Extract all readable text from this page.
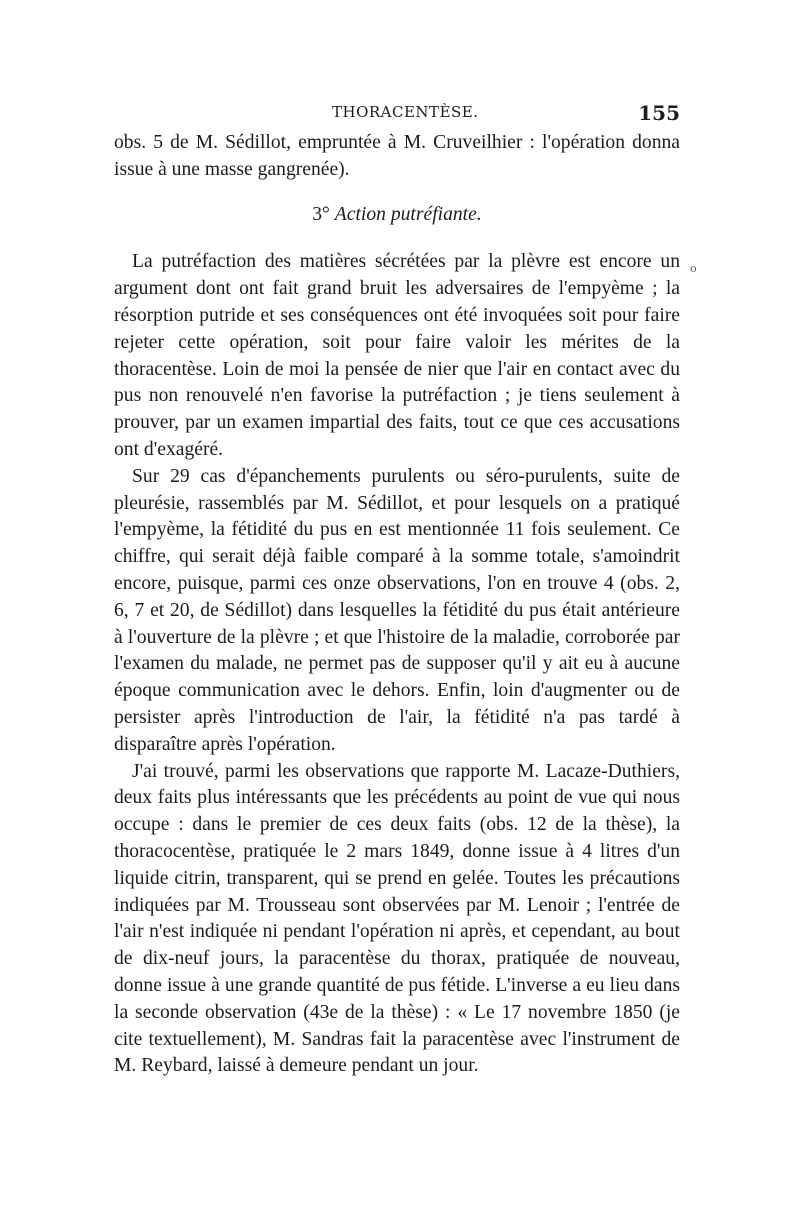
THORACENTÈSE.	155
o

obs. 5 de M. Sédillot, empruntée à M. Cruveilhier : l'opération donna issue à une masse gangrenée).

3° Action putréfiante.

La putréfaction des matières sécrétées par la plèvre est encore un argument dont ont fait grand bruit les adversaires de l'empyème ; la résorption putride et ses conséquences ont été invoquées soit pour faire rejeter cette opération, soit pour faire valoir les mérites de la thoracentèse. Loin de moi la pensée de nier que l'air en contact avec du pus non renouvelé n'en favorise la putréfaction ; je tiens seulement à prouver, par un examen impartial des faits, tout ce que ces accusations ont d'exagéré.

Sur 29 cas d'épanchements purulents ou séro-purulents, suite de pleurésie, rassemblés par M. Sédillot, et pour lesquels on a pratiqué l'empyème, la fétidité du pus en est mentionnée 11 fois seulement. Ce chiffre, qui serait déjà faible comparé à la somme totale, s'amoindrit encore, puisque, parmi ces onze observations, l'on en trouve 4 (obs. 2, 6, 7 et 20, de Sédillot) dans lesquelles la fétidité du pus était antérieure à l'ouverture de la plèvre ; et que l'histoire de la maladie, corroborée par l'examen du malade, ne permet pas de supposer qu'il y ait eu à aucune époque communication avec le dehors. Enfin, loin d'augmenter ou de persister après l'introduction de l'air, la fétidité n'a pas tardé à disparaître après l'opération.

J'ai trouvé, parmi les observations que rapporte M. Lacaze-Duthiers, deux faits plus intéressants que les précédents au point de vue qui nous occupe : dans le premier de ces deux faits (obs. 12 de la thèse), la thoracocentèse, pratiquée le 2 mars 1849, donne issue à 4 litres d'un liquide citrin, transparent, qui se prend en gelée. Toutes les précautions indiquées par M. Trousseau sont observées par M. Lenoir ; l'entrée de l'air n'est indiquée ni pendant l'opération ni après, et cependant, au bout de dix-neuf jours, la paracentèse du thorax, pratiquée de nouveau, donne issue à une grande quantité de pus fétide. L'inverse a eu lieu dans la seconde observation (43e de la thèse) : « Le 17 novembre 1850 (je cite textuellement), M. Sandras fait la paracentèse avec l'instrument de M. Reybard, laissé à demeure pendant un jour.
